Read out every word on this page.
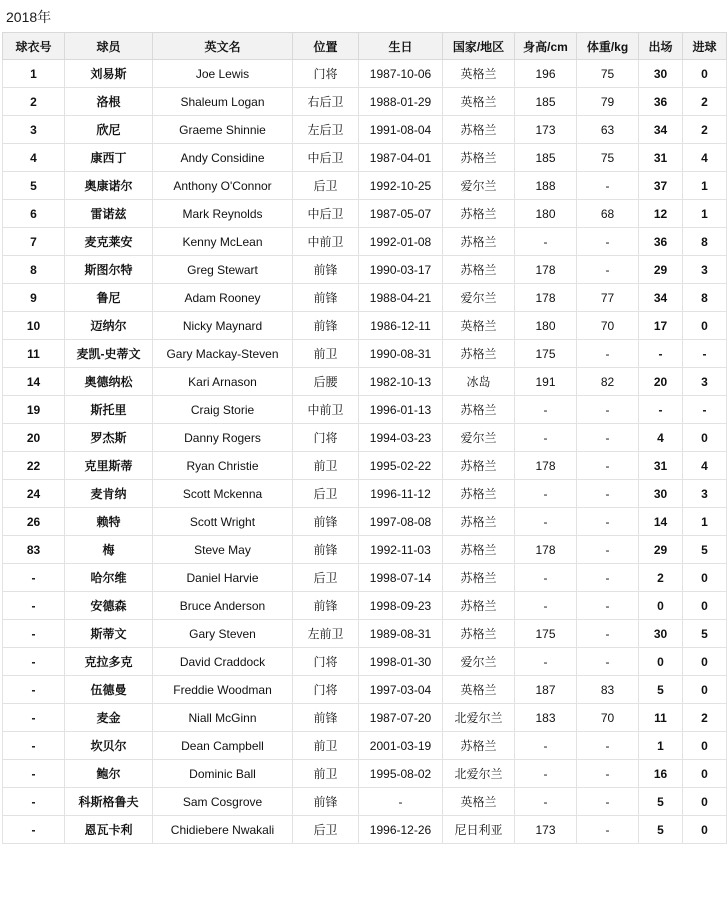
2018年
球衣号	球员	英文名	位置	生日	国家/地区	身高/cm	体重/kg	出场	进球
1	刘易斯	Joe Lewis	门将	1987-10-06	英格兰	196	75	30	0
2	洛根	Shaleum Logan	右后卫	1988-01-29	英格兰	185	79	36	2
3	欣尼	Graeme Shinnie	左后卫	1991-08-04	苏格兰	173	63	34	2
4	康西丁	Andy Considine	中后卫	1987-04-01	苏格兰	185	75	31	4
5	奥康诺尔	Anthony O'Connor	后卫	1992-10-25	爱尔兰	188	-	37	1
6	雷诺兹	Mark Reynolds	中后卫	1987-05-07	苏格兰	180	68	12	1
7	麦克莱安	Kenny McLean	中前卫	1992-01-08	苏格兰	-	-	36	8
8	斯图尔特	Greg Stewart	前锋	1990-03-17	苏格兰	178	-	29	3
9	鲁尼	Adam Rooney	前锋	1988-04-21	爱尔兰	178	77	34	8
10	迈纳尔	Nicky Maynard	前锋	1986-12-11	英格兰	180	70	17	0
11	麦凯-史蒂文	Gary Mackay-Steven	前卫	1990-08-31	苏格兰	175	-	-	-
14	奥德纳松	Kari Arnason	后腰	1982-10-13	冰岛	191	82	20	3
19	斯托里	Craig Storie	中前卫	1996-01-13	苏格兰	-	-	-	-
20	罗杰斯	Danny Rogers	门将	1994-03-23	爱尔兰	-	-	4	0
22	克里斯蒂	Ryan Christie	前卫	1995-02-22	苏格兰	178	-	31	4
24	麦肯纳	Scott Mckenna	后卫	1996-11-12	苏格兰	-	-	30	3
26	赖特	Scott Wright	前锋	1997-08-08	苏格兰	-	-	14	1
83	梅	Steve May	前锋	1992-11-03	苏格兰	178	-	29	5
-	哈尔维	Daniel Harvie	后卫	1998-07-14	苏格兰	-	-	2	0
-	安德森	Bruce Anderson	前锋	1998-09-23	苏格兰	-	-	0	0
-	斯蒂文	Gary Steven	左前卫	1989-08-31	苏格兰	175	-	30	5
-	克拉多克	David Craddock	门将	1998-01-30	爱尔兰	-	-	0	0
-	伍德曼	Freddie Woodman	门将	1997-03-04	英格兰	187	83	5	0
-	麦金	Niall McGinn	前锋	1987-07-20	北爱尔兰	183	70	11	2
-	坎贝尔	Dean Campbell	前卫	2001-03-19	苏格兰	-	-	1	0
-	鲍尔	Dominic Ball	前卫	1995-08-02	北爱尔兰	-	-	16	0
-	科斯格鲁夫	Sam Cosgrove	前锋	-	英格兰	-	-	5	0
-	恩瓦卡利	Chidiebere Nwakali	后卫	1996-12-26	尼日利亚	173	-	5	0
